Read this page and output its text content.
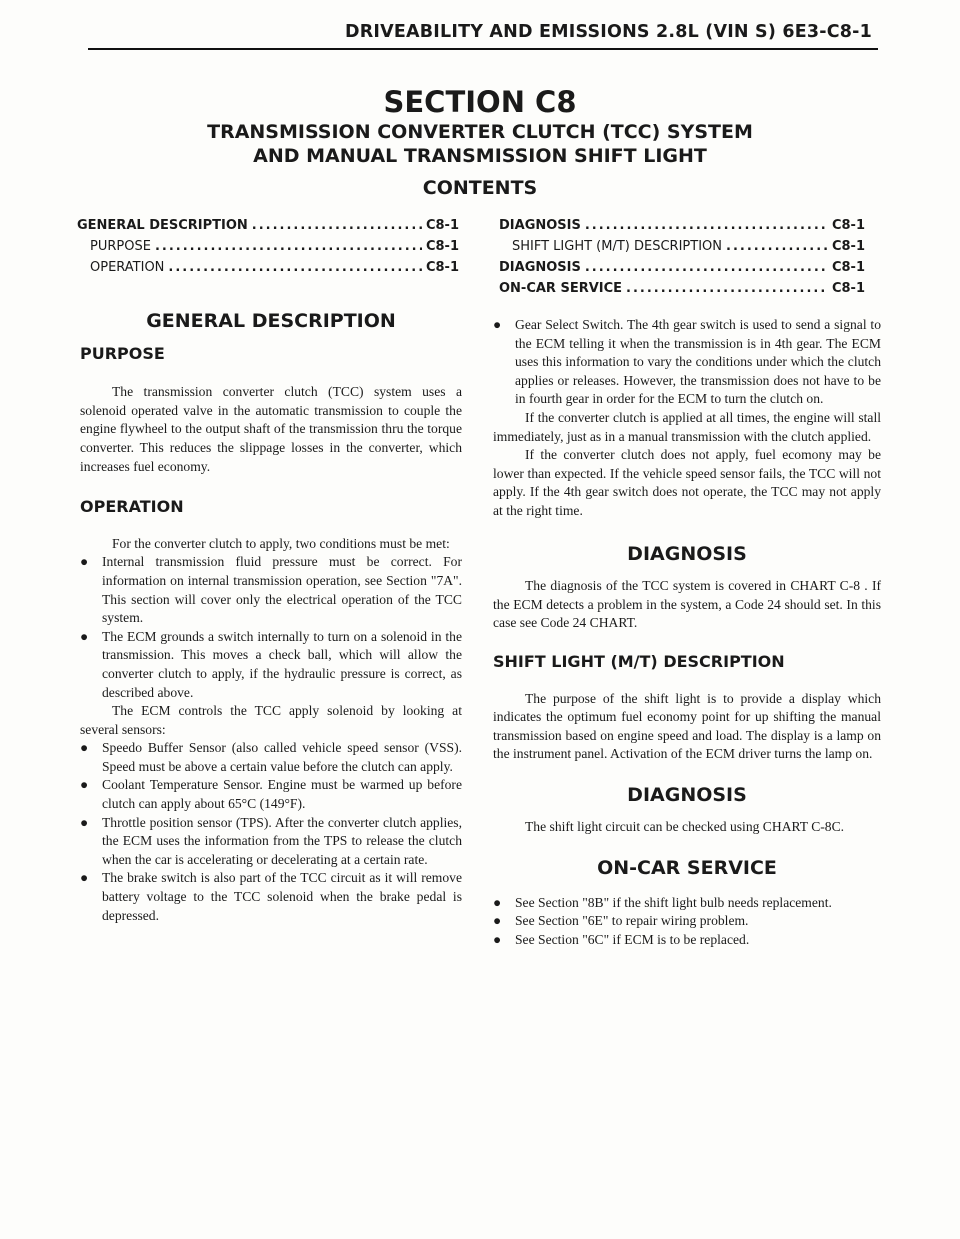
DRIVEABILITY AND EMISSIONS 2.8L (VIN S) 6E3-C8-1
SECTION C8
TRANSMISSION CONVERTER CLUTCH (TCC) SYSTEM
AND MANUAL TRANSMISSION SHIFT LIGHT
CONTENTS
GENERAL DESCRIPTION .....	C8-1
PURPOSE .....	C8-1
OPERATION .....	C8-1
DIAGNOSIS .....	C8-1
SHIFT LIGHT (M/T) DESCRIPTION .....	C8-1
DIAGNOSIS .....	C8-1
ON-CAR SERVICE .....	C8-1
GENERAL DESCRIPTION
PURPOSE

The transmission converter clutch (TCC) system uses a solenoid operated valve in the automatic transmission to couple the engine flywheel to the output shaft of the transmission thru the torque converter. This reduces the slippage losses in the converter, which increases fuel economy.

OPERATION

For the converter clutch to apply, two conditions must be met:

●	Internal transmission fluid pressure must be correct. For information on internal transmission operation, see Section "7A". This section will cover only the electrical operation of the TCC system.
●	The ECM grounds a switch internally to turn on a solenoid in the transmission. This moves a check ball, which will allow the converter clutch to apply, if the hydraulic pressure is correct, as described above.

The ECM controls the TCC apply solenoid by looking at several sensors:

●	Speedo Buffer Sensor (also called vehicle speed sensor (VSS). Speed must be above a certain value before the clutch can apply.
●	Coolant Temperature Sensor. Engine must be warmed up before clutch can apply about 65°C (149°F).
●	Throttle position sensor (TPS). After the converter clutch applies, the ECM uses the information from the TPS to release the clutch when the car is accelerating or decelerating at a certain rate.
●	The brake switch is also part of the TCC circuit as it will remove battery voltage to the TCC solenoid when the brake pedal is depressed.
●	Gear Select Switch. The 4th gear switch is used to send a signal to the ECM telling it when the transmission is in 4th gear. The ECM uses this information to vary the conditions under which the clutch applies or releases. However, the transmission does not have to be in fourth gear in order for the ECM to turn the clutch on.

If the converter clutch is applied at all times, the engine will stall immediately, just as in a manual transmission with the clutch applied.

If the converter clutch does not apply, fuel ecomony may be lower than expected. If the vehicle speed sensor fails, the TCC will not apply. If the 4th gear switch does not operate, the TCC may not apply at the right time.

DIAGNOSIS

The diagnosis of the TCC system is covered in CHART C-8 . If the ECM detects a problem in the system, a Code 24 should set. In this case see Code 24 CHART.

SHIFT LIGHT (M/T) DESCRIPTION

The purpose of the shift light is to provide a display which indicates the optimum fuel economy point for up shifting the manual transmission based on engine speed and load. The display is a lamp on the instrument panel. Activation of the ECM driver turns the lamp on.

DIAGNOSIS

The shift light circuit can be checked using CHART C-8C.

ON-CAR SERVICE
●	See Section "8B" if the shift light bulb needs replacement.
●	See Section "6E" to repair wiring problem.
●	See Section "6C" if ECM is to be replaced.
